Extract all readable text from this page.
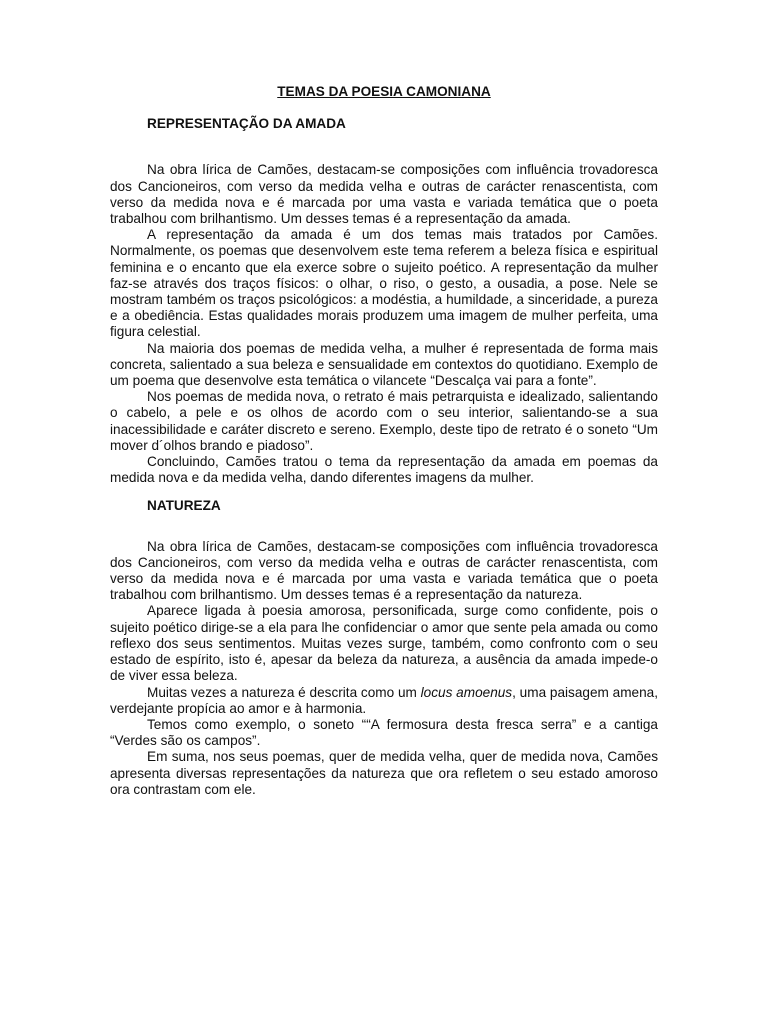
TEMAS DA POESIA CAMONIANA
REPRESENTAÇÃO DA AMADA

Na obra lírica de Camões, destacam-se composições com influência trovadoresca dos Cancioneiros, com verso da medida velha e outras de carácter renascentista, com verso da medida nova e é marcada por uma vasta e variada temática que o poeta trabalhou com brilhantismo. Um desses temas é a representação da amada.

A representação da amada é um dos temas mais tratados por Camões. Normalmente, os poemas que desenvolvem este tema referem a beleza física e espiritual feminina e o encanto que ela exerce sobre o sujeito poético. A representação da mulher faz-se através dos traços físicos: o olhar, o riso, o gesto, a ousadia, a pose. Nele se mostram também os traços psicológicos: a modéstia, a humildade, a sinceridade, a pureza e a obediência. Estas qualidades morais produzem uma imagem de mulher perfeita, uma figura celestial.

Na maioria dos poemas de medida velha, a mulher é representada de forma mais concreta, salientado a sua beleza e sensualidade em contextos do quotidiano. Exemplo de um poema que desenvolve esta temática o vilancete “Descalça vai para a fonte”.

Nos poemas de medida nova, o retrato é mais petrarquista e idealizado, salientando o cabelo, a pele e os olhos de acordo com o seu interior, salientando-se a sua inacessibilidade e caráter discreto e sereno. Exemplo, deste tipo de retrato é o soneto “Um mover d´olhos brando e piadoso”.

Concluindo, Camões tratou o tema da representação da amada em poemas da medida nova e da medida velha, dando diferentes imagens da mulher.

NATUREZA

Na obra lírica de Camões, destacam-se composições com influência trovadoresca dos Cancioneiros, com verso da medida velha e outras de carácter renascentista, com verso da medida nova e é marcada por uma vasta e variada temática que o poeta trabalhou com brilhantismo. Um desses temas é a representação da natureza.

Aparece ligada à poesia amorosa, personificada, surge como confidente, pois o sujeito poético dirige-se a ela para lhe confidenciar o amor que sente pela amada ou como reflexo dos seus sentimentos. Muitas vezes surge, também, como confronto com o seu estado de espírito, isto é, apesar da beleza da natureza, a ausência da amada impede-o de viver essa beleza.

Muitas vezes a natureza é descrita como um locus amoenus, uma paisagem amena, verdejante propícia ao amor e à harmonia.

Temos como exemplo, o soneto ““A fermosura desta fresca serra” e a cantiga “Verdes são os campos”.

Em suma, nos seus poemas, quer de medida velha, quer de medida nova, Camões apresenta diversas representações da natureza que ora refletem o seu estado amoroso ora contrastam com ele.
